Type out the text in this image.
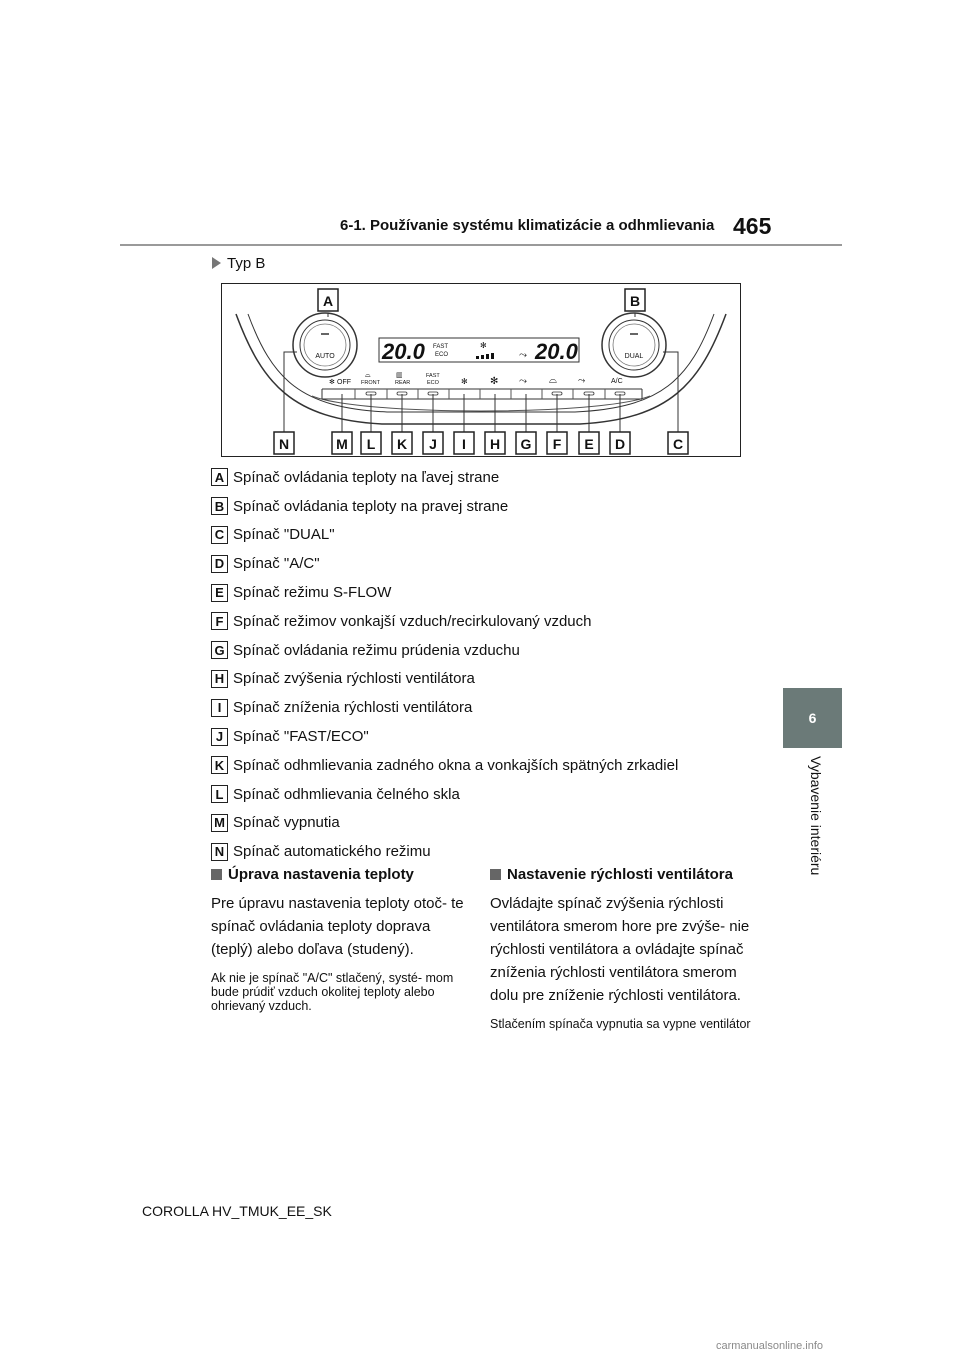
6-1. Používanie systému klimatizácie a odhmlievania 465
6
Vybavenie interiéru
Typ B
AUTO	DUAL
20.0 FAST
ECO
✻
⤳ 20.0
✻ OFF
⌓
FRONT
▥
REAR
FAST
ECO	✻ ✻ ⤳ ⌓ ⤳	A/C
A	B
N	M L K J I H G F E D	C
A Spínač ovládania teploty na ľavej strane
B Spínač ovládania teploty na pravej strane
C Spínač "DUAL"
D Spínač "A/C"
E Spínač režimu S-FLOW
F Spínač režimov vonkajší vzduch/recirkulovaný vzduch
G Spínač ovládania režimu prúdenia vzduchu
H Spínač zvýšenia rýchlosti ventilátora
I Spínač zníženia rýchlosti ventilátora
J Spínač "FAST/ECO"
K Spínač odhmlievania zadného okna a vonkajších spätných zrkadiel
L Spínač odhmlievania čelného skla
M Spínač vypnutia
N Spínač automatického režimu
Úprava nastavenia teploty
Pre úpravu nastavenia teploty otoč- te spínač ovládania teploty doprava (teplý) alebo doľava (studený).
Ak nie je spínač "A/C" stlačený, systé- mom bude prúdiť vzduch okolitej teploty alebo ohrievaný vzduch.
Nastavenie rýchlosti ventilátora
Ovládajte spínač zvýšenia rýchlosti ventilátora smerom hore pre zvýše- nie rýchlosti ventilátora a ovládajte spínač zníženia rýchlosti ventilátora smerom dolu pre zníženie rýchlosti ventilátora.
Stlačením spínača vypnutia sa vypne ventilátor
COROLLA HV_TMUK_EE_SK
carmanualsonline.info
